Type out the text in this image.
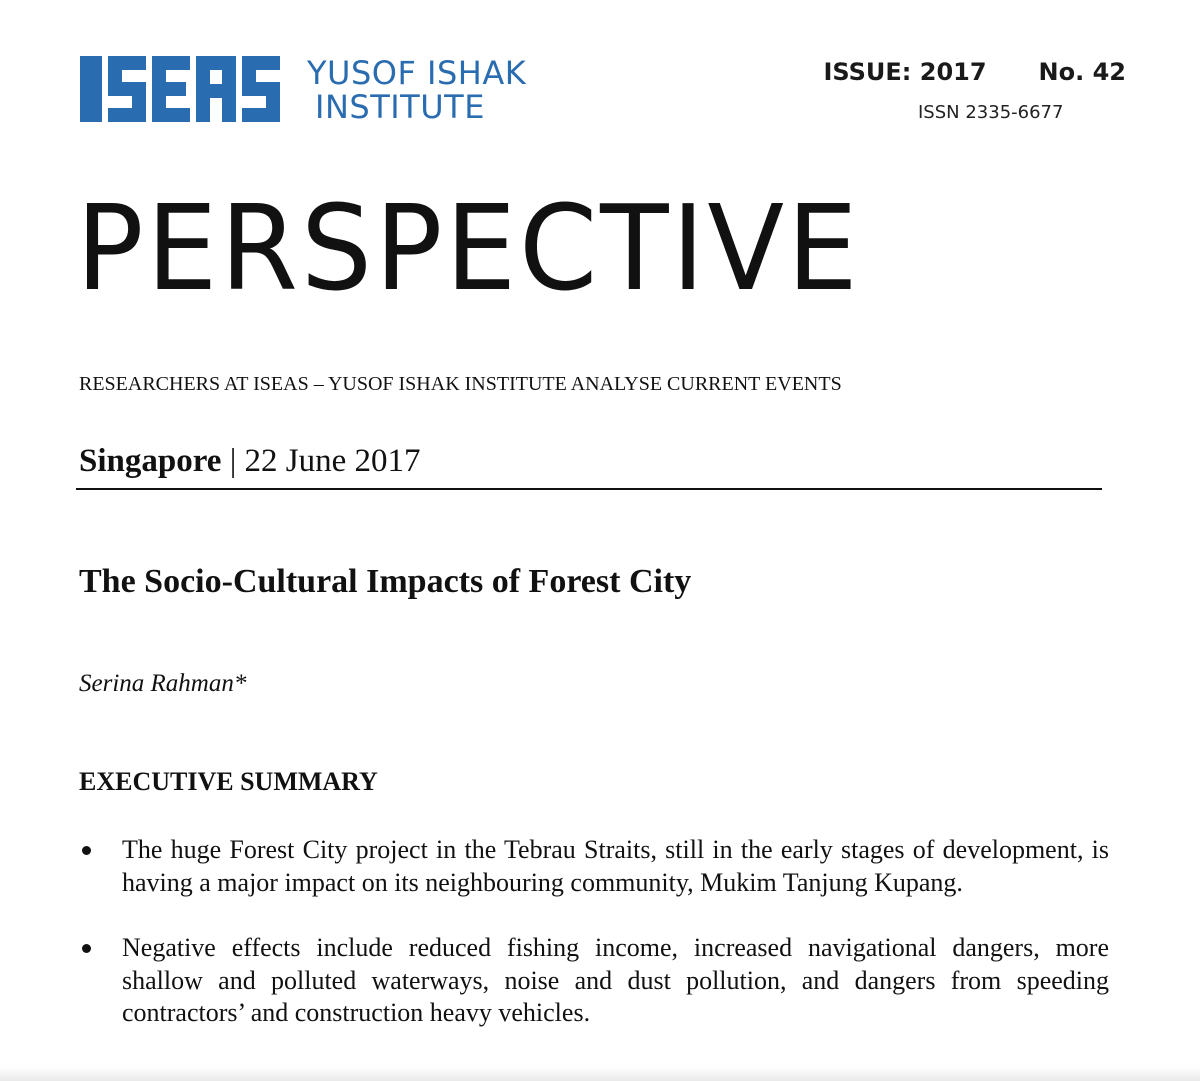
YUSOF ISHAK
INSTITUTE
ISSUE: 2017 No. 42
ISSN 2335-6677
PERSPECTIVE
RESEARCHERS AT ISEAS – YUSOF ISHAK INSTITUTE ANALYSE CURRENT EVENTS
Singapore | 22 June 2017
The Socio-Cultural Impacts of Forest City
Serina Rahman*
EXECUTIVE SUMMARY
The huge Forest City project in the Tebrau Straits, still in the early stages of development, is having a major impact on its neighbouring community, Mukim Tanjung Kupang.
Negative effects include reduced fishing income, increased navigational dangers, more shallow and polluted waterways, noise and dust pollution, and dangers from speeding contractors’ and construction heavy vehicles.
